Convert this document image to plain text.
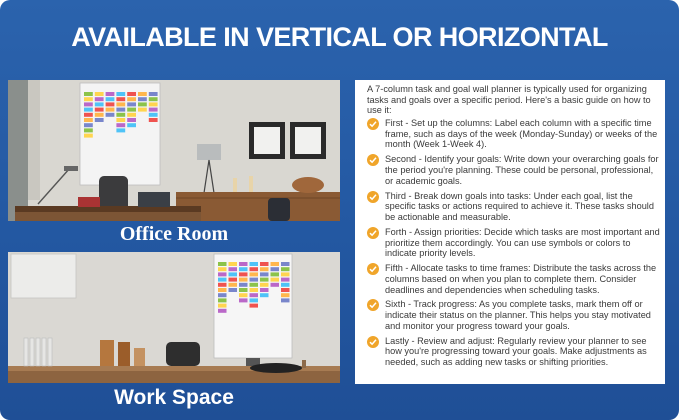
AVAILABLE IN VERTICAL OR HORIZONTAL
Office Room
Work Space
A 7-column task and goal wall planner is typically used for organizing tasks and goals over a specific period. Here's a basic guide on how to use it:
First - Set up the columns: Label each column with a specific time frame, such as days of the week (Monday-Sunday) or weeks of the month (Week 1-Week 4).
Second - Identify your goals: Write down your overarching goals for the period you're planning. These could be personal, professional, or academic goals.
Third - Break down goals into tasks: Under each goal, list the specific tasks or actions required to achieve it. These tasks should be actionable and measurable.
Forth - Assign priorities: Decide which tasks are most important and prioritize them accordingly. You can use symbols or colors to indicate priority levels.
Fifth - Allocate tasks to time frames: Distribute the tasks across the columns based on when you plan to complete them. Consider deadlines and dependencies when scheduling tasks.
Sixth - Track progress: As you complete tasks, mark them off or indicate their status on the planner. This helps you stay motivated and monitor your progress toward your goals.
Lastly - Review and adjust: Regularly review your planner to see how you're progressing toward your goals. Make adjustments as needed, such as adding new tasks or shifting priorities.
